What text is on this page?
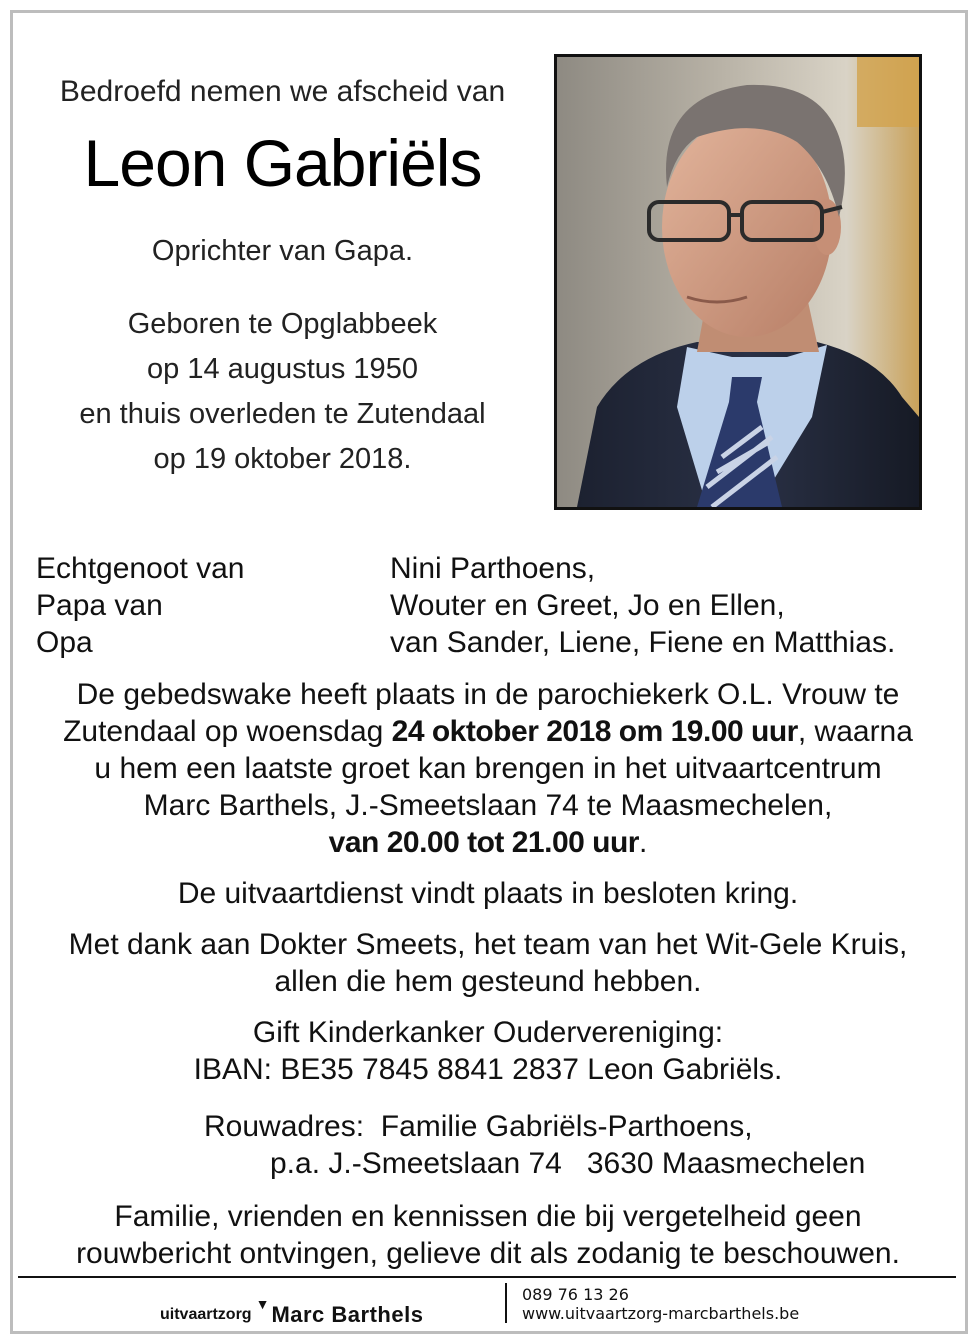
Bedroefd nemen we afscheid van
Leon Gabriëls
Oprichter van Gapa.
Geboren te Opglabbeek
op 14 augustus 1950
en thuis overleden te Zutendaal
op 19 oktober 2018.
Echtgenoot van	Nini Parthoens,
Papa van	Wouter en Greet, Jo en Ellen,
Opa	van Sander, Liene, Fiene en Matthias.

De gebedswake heeft plaats in de parochiekerk O.L. Vrouw te

Zutendaal op woensdag 24 oktober 2018 om 19.00 uur, waarna

u hem een laatste groet kan brengen in het uitvaartcentrum

Marc Barthels, J.-Smeetslaan 74 te Maasmechelen,

van 20.00 tot 21.00 uur.

De uitvaartdienst vindt plaats in besloten kring.

Met dank aan Dokter Smeets, het team van het Wit-Gele Kruis,

allen die hem gesteund hebben.

Gift Kinderkanker Oudervereniging:

IBAN: BE35 7845 8841 2837 Leon Gabriëls.

Rouwadres:  Familie Gabriëls-Parthoens,
p.a. J.-Smeetslaan 74   3630 Maasmechelen
Familie, vrienden en kennissen die bij vergetelheid geen
rouwbericht ontvingen, gelieve dit als zodanig te beschouwen.
uitvaartzorg
▼ Marc Barthels
089 76 13 26
www.uitvaartzorg-marcbarthels.be
